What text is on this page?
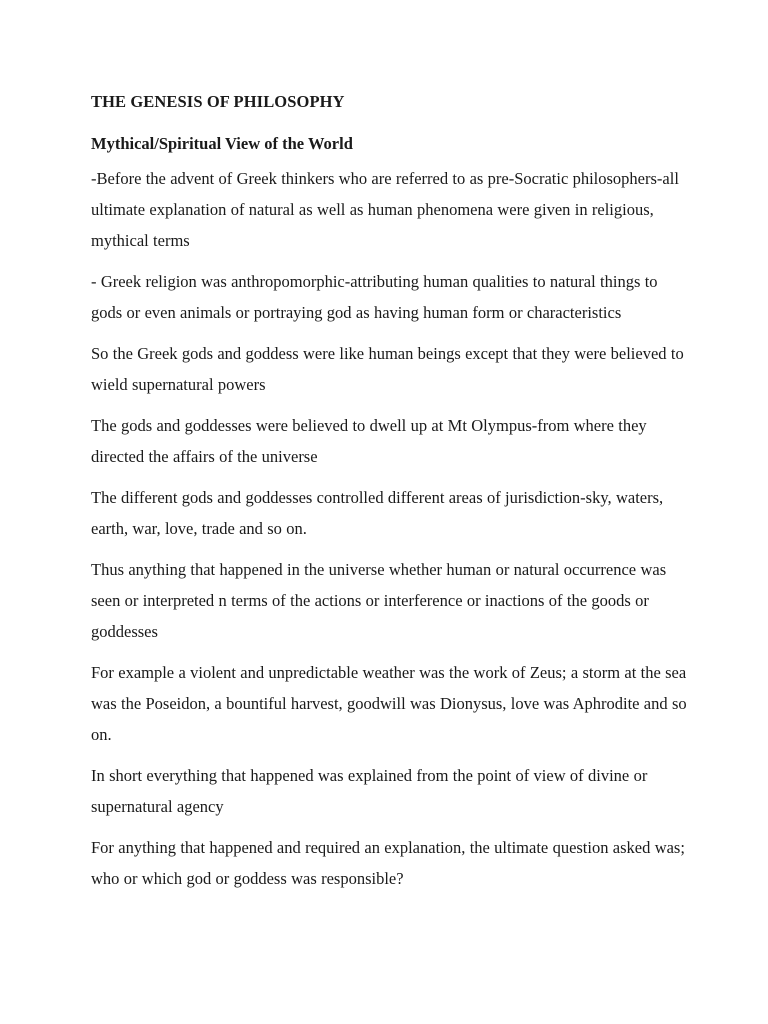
THE GENESIS OF PHILOSOPHY
Mythical/Spiritual View of the World

-Before the advent of Greek thinkers who are referred to as pre-Socratic philosophers-all ultimate explanation of natural as well as human phenomena were given in religious, mythical terms

- Greek religion was anthropomorphic-attributing human qualities to natural things to gods or even animals or portraying god as having human form or characteristics

So the Greek gods and goddess were like human beings except that they were believed to wield supernatural powers

The gods and goddesses were believed to dwell up at Mt Olympus-from where they directed the affairs of the universe

The different gods and goddesses controlled different areas of jurisdiction-sky, waters, earth, war, love, trade and so on.

Thus anything that happened in the universe whether human or natural occurrence was seen or interpreted n terms of the actions or interference or inactions of the goods or goddesses

For example a violent and unpredictable weather was the work of Zeus; a storm at the sea was the Poseidon, a bountiful harvest, goodwill was Dionysus, love was Aphrodite and so on.

In short everything that happened was explained from the point of view of divine or supernatural agency

For anything that happened and required an explanation, the ultimate question asked was; who or which god or goddess was responsible?
